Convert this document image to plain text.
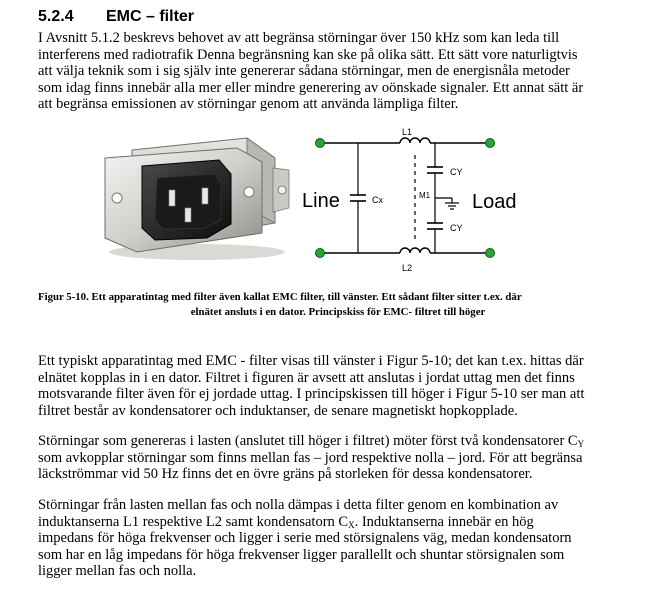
5.2.4 EMC – filter
I Avsnitt 5.1.2 beskrevs behovet av att begränsa störningar över 150 kHz som kan leda till
interferens med radiotrafik Denna begränsning kan ske på olika sätt. Ett sätt vore naturligtvis
att välja teknik som i sig själv inte genererar sådana störningar, men de energisnåla metoder
som idag finns innebär alla mer eller mindre generering av oönskade signaler. Ett annat sätt är
att begränsa emissionen av störningar genom att använda lämpliga filter.
L1
L2
M1
Cx
CY
CY
Line	Load
Figur 5-10. Ett apparatintag med filter även kallat EMC filter, till vänster. Ett sådant filter sitter t.ex. där
elnätet ansluts i en dator. Principskiss för EMC- filtret till höger
Ett typiskt apparatintag med EMC - filter visas till vänster i Figur 5-10; det kan t.ex. hittas där
elnätet kopplas in i en dator. Filtret i figuren är avsett att anslutas i jordat uttag men det finns
motsvarande filter även för ej jordade uttag. I principskissen till höger i Figur 5-10 ser man att
filtret består av kondensatorer och induktanser, de senare magnetiskt hopkopplade.
Störningar som genereras i lasten (anslutet till höger i filtret) möter först två kondensatorer $C_Y$
som avkopplar störningar som finns mellan fas – jord respektive nolla – jord. För att begränsa
läckströmmar vid 50 Hz finns det en övre gräns på storleken för dessa kondensatorer.
Störningar från lasten mellan fas och nolla dämpas i detta filter genom en kombination av
induktanserna L1 respektive L2 samt kondensatorn $C_X$. Induktanserna innebär en hög
impedans för höga frekvenser och ligger i serie med störsignalens väg, medan kondensatorn
som har en låg impedans för höga frekvenser ligger parallellt och shuntar störsignalen som
ligger mellan fas och nolla.
